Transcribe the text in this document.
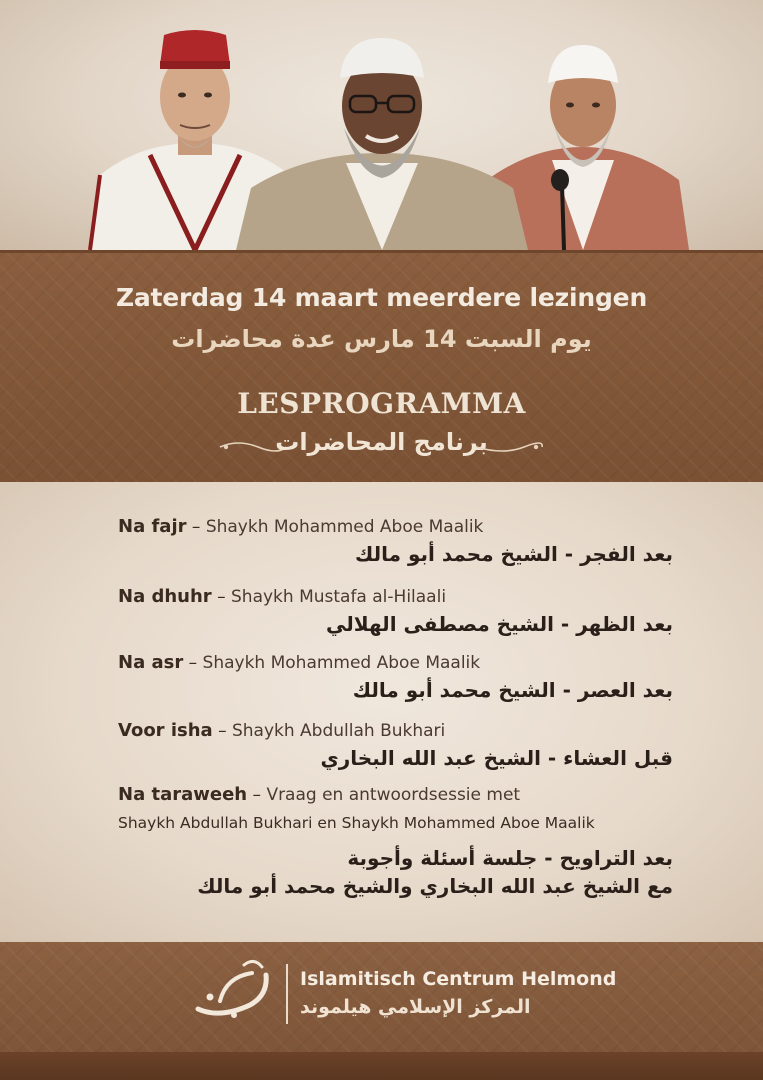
Zaterdag 14 maart meerdere lezingen
يوم السبت 14 مارس عدة محاضرات
LESPROGRAMMA
برنامج المحاضرات
Na fajr – Shaykh Mohammed Aboe Maalik
بعد الفجر - الشيخ محمد أبو مالك
Na dhuhr – Shaykh Mustafa al-Hilaali
بعد الظهر - الشيخ مصطفى الهلالي
Na asr – Shaykh Mohammed Aboe Maalik
بعد العصر - الشيخ محمد أبو مالك
Voor isha – Shaykh Abdullah Bukhari
قبل العشاء - الشيخ عبد الله البخاري
Na taraweeh – Vraag en antwoordsessie met
Shaykh Abdullah Bukhari en Shaykh Mohammed Aboe Maalik
بعد التراويح - جلسة أسئلة وأجوبة
مع الشيخ عبد الله البخاري والشيخ محمد أبو مالك
Islamitisch Centrum Helmond
المركز الإسلامي هيلموند
